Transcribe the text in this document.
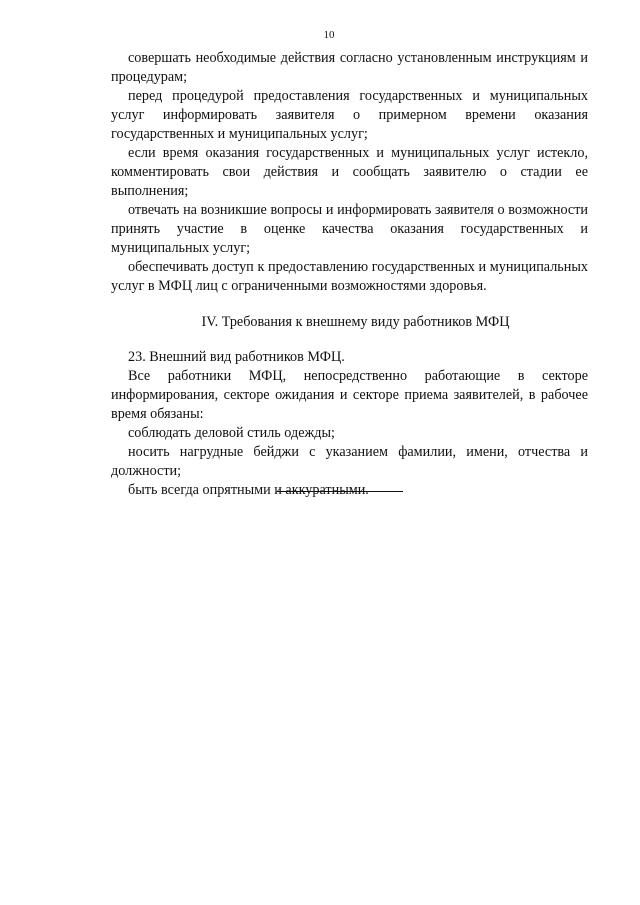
10

совершать необходимые действия согласно установленным инструкциям и процедурам;

перед процедурой предоставления государственных и муниципальных услуг информировать заявителя о примерном времени оказания государственных и муниципальных услуг;

если время оказания государственных и муниципальных услуг истекло, комментировать свои действия и сообщать заявителю о стадии ее выполнения;

отвечать на возникшие вопросы и информировать заявителя о возможности принять участие в оценке качества оказания государственных и муниципальных услуг;

обеспечивать доступ к предоставлению государственных и муниципальных услуг в МФЦ лиц с ограниченными возможностями здоровья.

IV. Требования к внешнему виду работников МФЦ

23. Внешний вид работников МФЦ.

Все работники МФЦ, непосредственно работающие в секторе информирования, секторе ожидания и секторе приема заявителей, в рабочее время обязаны:

соблюдать деловой стиль одежды;

носить нагрудные бейджи с указанием фамилии, имени, отчества и должности;

быть всегда опрятными и аккуратными.
